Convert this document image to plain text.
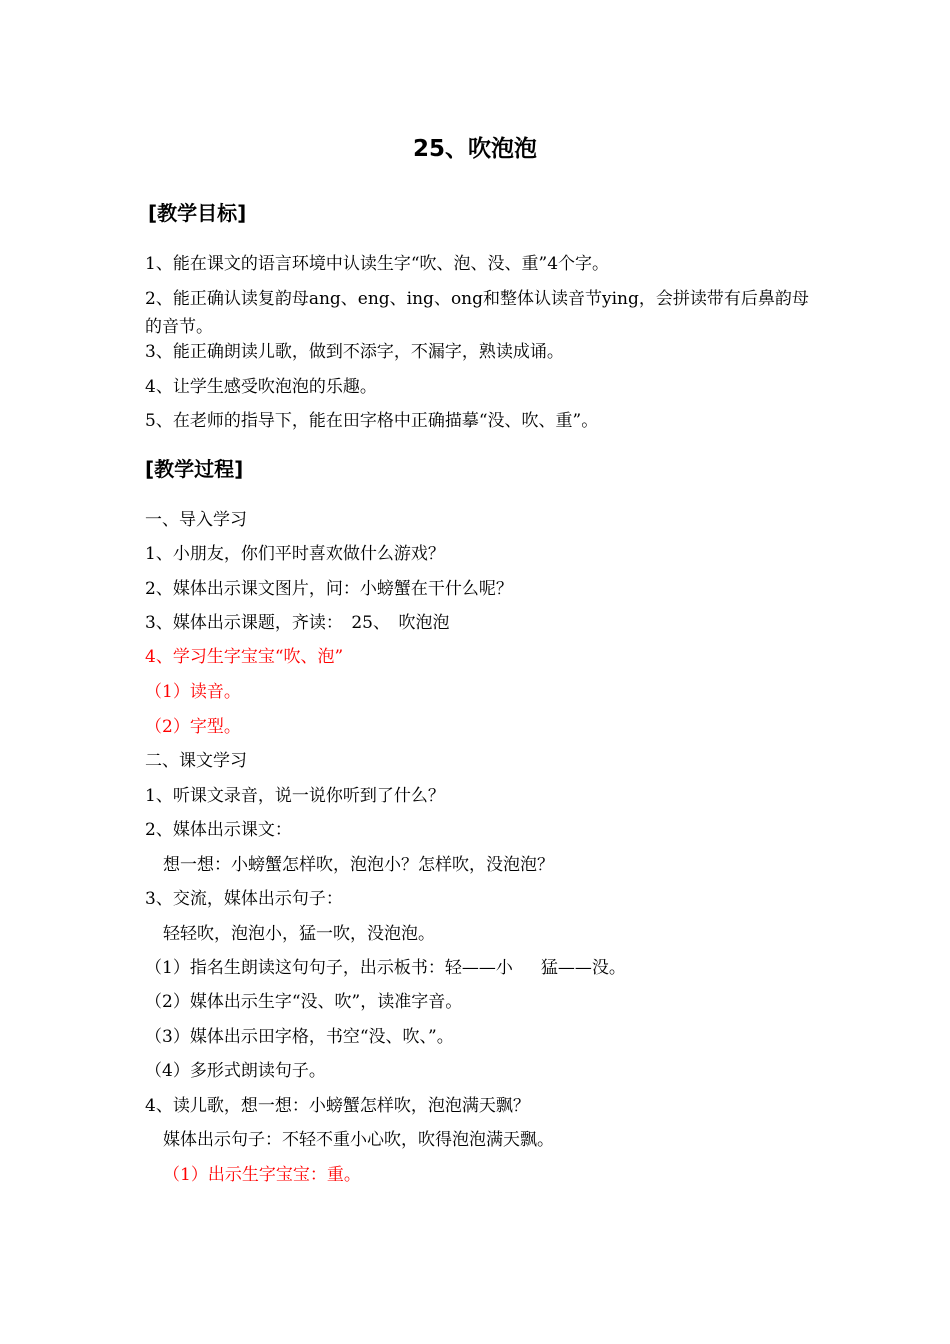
25、吹泡泡
[教学目标]
1、能在课文的语言环境中认读生字“吹、泡、没、重”4个字。
2、能正确认读复韵母ang、eng、ing、ong和整体认读音节ying，会拼读带有后鼻韵母的音节。
3、能正确朗读儿歌，做到不添字，不漏字，熟读成诵。
4、让学生感受吹泡泡的乐趣。
5、在老师的指导下，能在田字格中正确描摹“没、吹、重”。
[教学过程]
一、导入学习
1、小朋友，你们平时喜欢做什么游戏？
2、媒体出示课文图片，问：小螃蟹在干什么呢？
3、媒体出示课题，齐读：　25、　吹泡泡
4、学习生字宝宝“吹、泡”
（1）读音。
（2）字型。
二、课文学习
1、听课文录音，说一说你听到了什么？
2、媒体出示课文：
想一想：小螃蟹怎样吹，泡泡小？怎样吹，没泡泡？
3、交流，媒体出示句子：
轻轻吹，泡泡小，猛一吹，没泡泡。
（1）指名生朗读这句句子，出示板书：轻——小 猛——没。
（2）媒体出示生字“没、吹”，读准字音。
（3）媒体出示田字格，书空“没、吹、”。
（4）多形式朗读句子。
4、读儿歌，想一想：小螃蟹怎样吹，泡泡满天飘？
媒体出示句子：不轻不重小心吹，吹得泡泡满天飘。
（1）出示生字宝宝：重。
